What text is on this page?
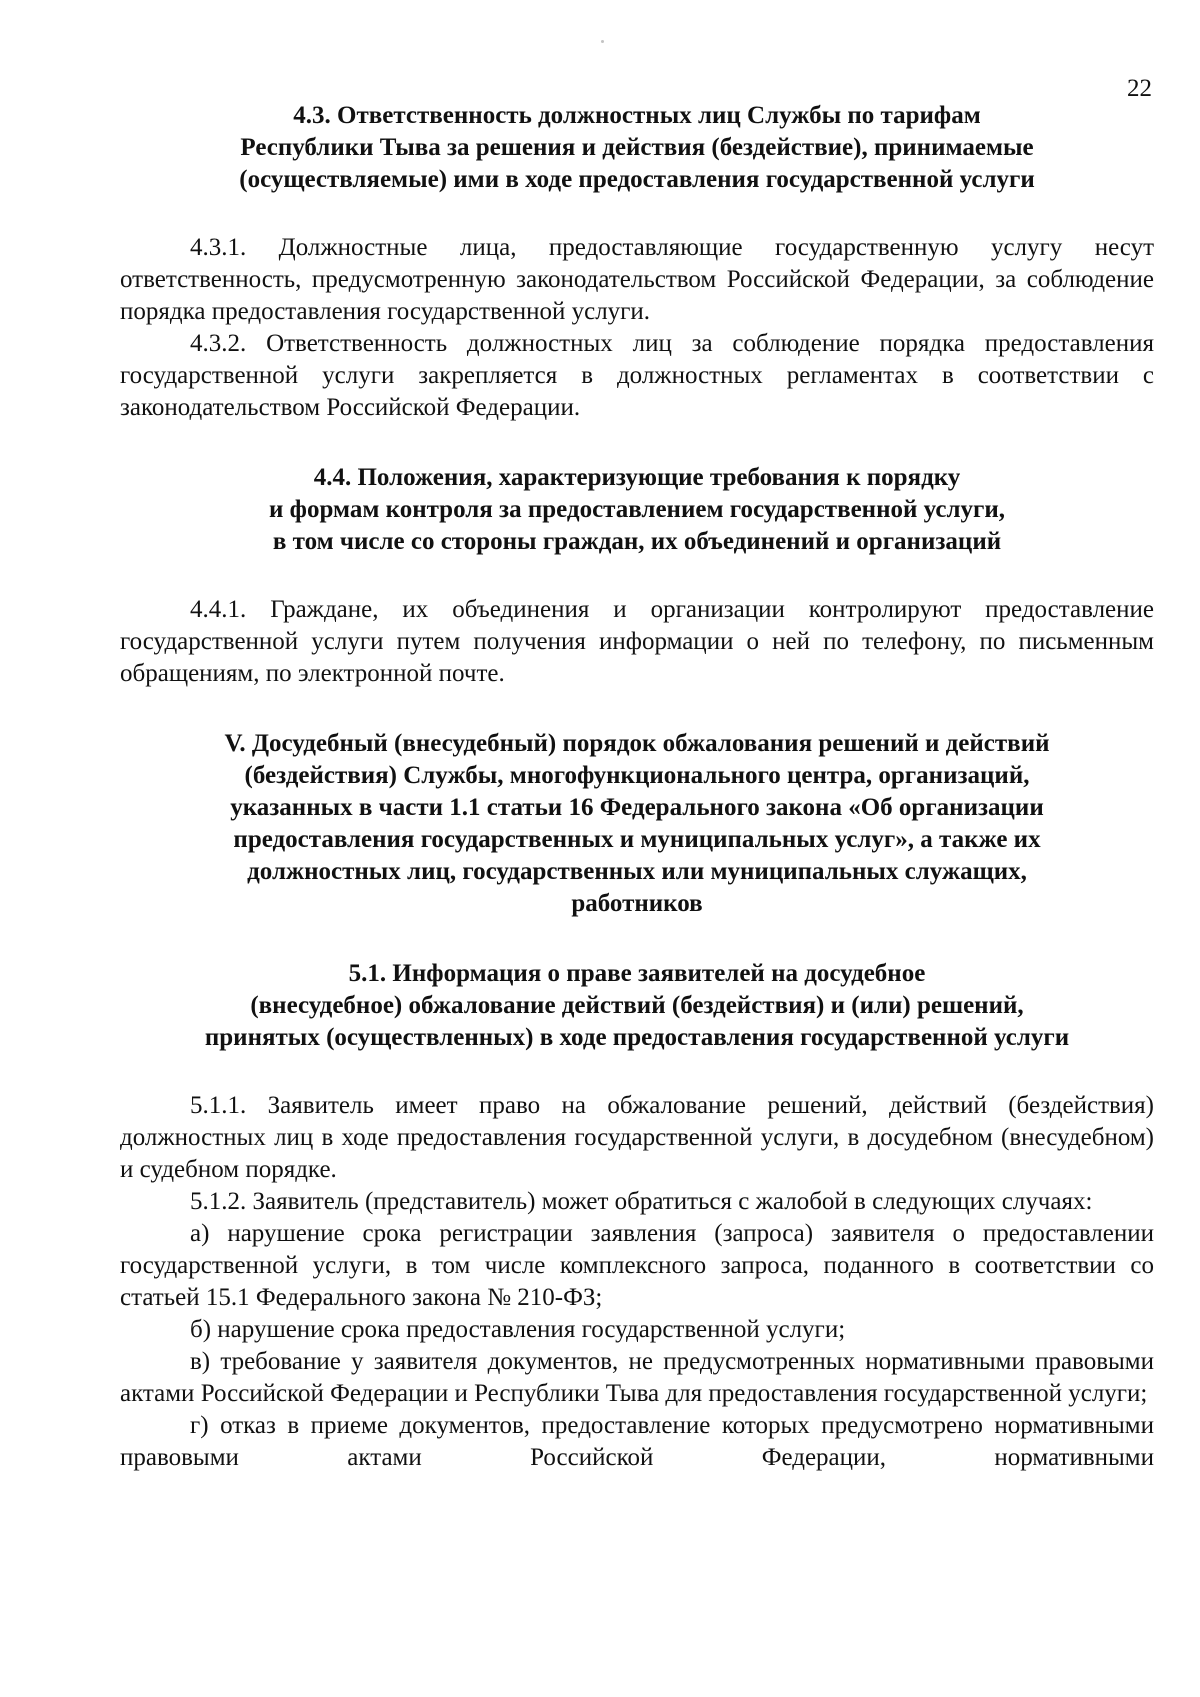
22
4.3. Ответственность должностных лиц Службы по тарифам
Республики Тыва за решения и действия (бездействие), принимаемые
(осуществляемые) ими в ходе предоставления государственной услуги

4.3.1. Должностные лица, предоставляющие государственную услугу несут ответственность, предусмотренную законодательством Российской Федерации, за соблюдение порядка предоставления государственной услуги.

4.3.2. Ответственность должностных лиц за соблюдение порядка предоставления государственной услуги закрепляется в должностных регламентах в соответствии с законодательством Российской Федерации.

4.4. Положения, характеризующие требования к порядку
и формам контроля за предоставлением государственной услуги,
в том числе со стороны граждан, их объединений и организаций

4.4.1. Граждане, их объединения и организации контролируют предоставление государственной услуги путем получения информации о ней по телефону, по письменным обращениям, по электронной почте.

V. Досудебный (внесудебный) порядок обжалования решений и действий
(бездействия) Службы, многофункционального центра, организаций,
указанных в части 1.1 статьи 16 Федерального закона «Об организации
предоставления государственных и муниципальных услуг», а также их
должностных лиц, государственных или муниципальных служащих,
работников
5.1. Информация о праве заявителей на досудебное
(внесудебное) обжалование действий (бездействия) и (или) решений,
принятых (осуществленных) в ходе предоставления государственной услуги

5.1.1. Заявитель имеет право на обжалование решений, действий (бездействия) должностных лиц в ходе предоставления государственной услуги, в досудебном (внесудебном) и судебном порядке.

5.1.2. Заявитель (представитель) может обратиться с жалобой в следующих случаях:

а) нарушение срока регистрации заявления (запроса) заявителя о предоставлении государственной услуги, в том числе комплексного запроса, поданного в соответствии со статьей 15.1 Федерального закона № 210-ФЗ;

б) нарушение срока предоставления государственной услуги;

в) требование у заявителя документов, не предусмотренных нормативными правовыми актами Российской Федерации и Республики Тыва для предоставления государственной услуги;

г) отказ в приеме документов, предоставление которых предусмотрено нормативными правовыми актами Российской Федерации, нормативными
